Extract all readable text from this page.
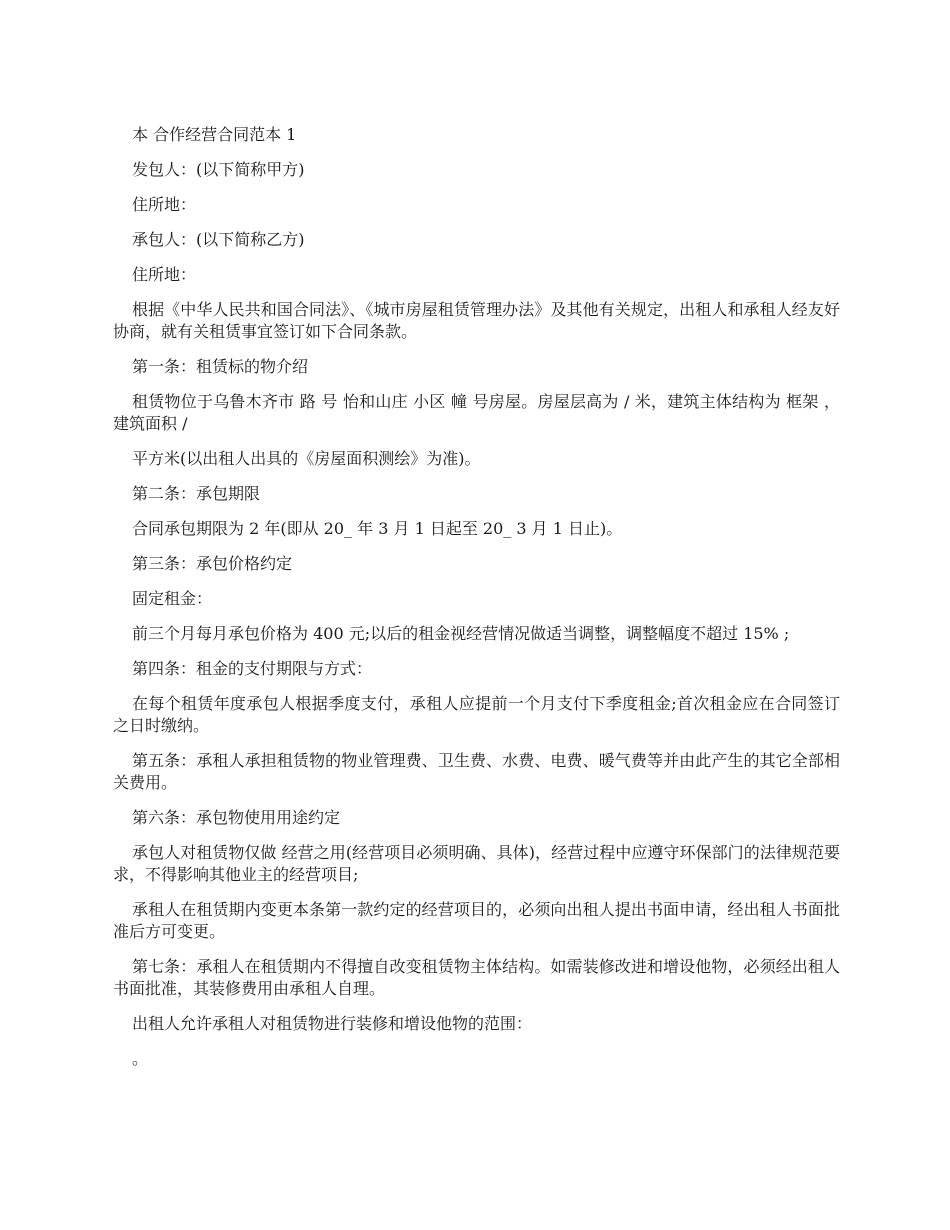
本 合作经营合同范本 1

发包人：(以下简称甲方)

住所地：

承包人：(以下简称乙方)

住所地：

根据《中华人民共和国合同法》、《城市房屋租赁管理办法》及其他有关规定，出租人和承租人经友好协商，就有关租赁事宜签订如下合同条款。

第一条：租赁标的物介绍

租赁物位于乌鲁木齐市 路 号 怡和山庄 小区 幢 号房屋。房屋层高为 / 米，建筑主体结构为 框架 ，建筑面积 /

平方米(以出租人出具的《房屋面积测绘》为准)。

第二条：承包期限

合同承包期限为 2 年(即从 20_ 年 3 月 1 日起至 20_ 3 月 1 日止)。

第三条：承包价格约定

固定租金：

前三个月每月承包价格为 400 元;以后的租金视经营情况做适当调整，调整幅度不超过 15% ;

第四条：租金的支付期限与方式：

在每个租赁年度承包人根据季度支付，承租人应提前一个月支付下季度租金;首次租金应在合同签订之日时缴纳。

第五条：承租人承担租赁物的物业管理费、卫生费、水费、电费、暖气费等并由此产生的其它全部相关费用。

第六条：承包物使用用途约定

承包人对租赁物仅做 经营之用(经营项目必须明确、具体)，经营过程中应遵守环保部门的法律规范要求，不得影响其他业主的经营项目;

承租人在租赁期内变更本条第一款约定的经营项目的，必须向出租人提出书面申请，经出租人书面批准后方可变更。

第七条：承租人在租赁期内不得擅自改变租赁物主体结构。如需装修改进和增设他物，必须经出租人书面批准，其装修费用由承租人自理。

出租人允许承租人对租赁物进行装修和增设他物的范围：

。
